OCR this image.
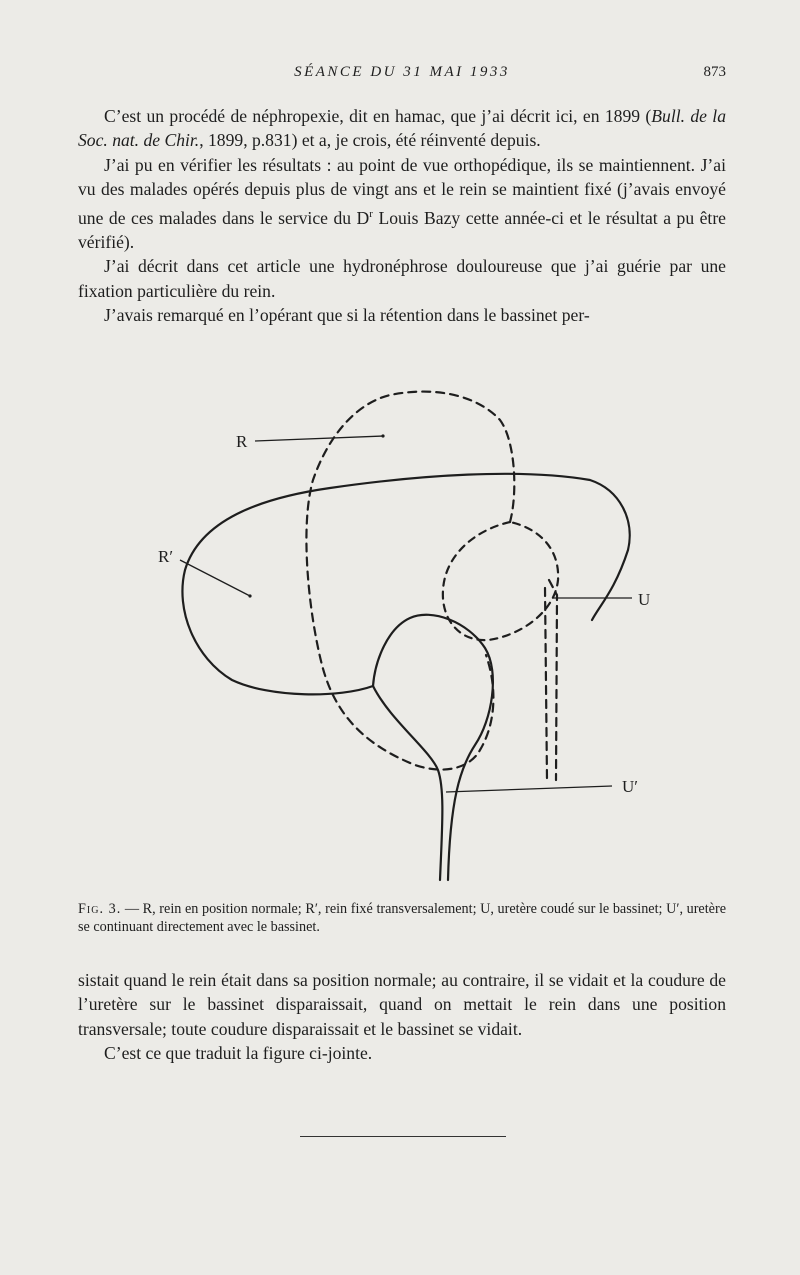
SÉANCE DU 31 MAI 1933	873

C’est un procédé de néphropexie, dit en hamac, que j’ai décrit ici, en 1899 (Bull. de la Soc. nat. de Chir., 1899, p.831) et a, je crois, été réinventé depuis.

J’ai pu en vérifier les résultats : au point de vue orthopédique, ils se maintiennent. J’ai vu des malades opérés depuis plus de vingt ans et le rein se maintient fixé (j’avais envoyé une de ces malades dans le service du $D^r$ Louis Bazy cette année-ci et le résultat a pu être vérifié).

J’ai décrit dans cet article une hydronéphrose douloureuse que j’ai guérie par une fixation particulière du rein.

J’avais remarqué en l’opérant que si la rétention dans le bassinet per-

R
R′
U
U′
Fig. 3. — R, rein en position normale; R′, rein fixé transversalement; U, uretère coudé sur le bassinet; U′, uretère se continuant directement avec le bassinet.

sistait quand le rein était dans sa position normale; au contraire, il se vidait et la coudure de l’uretère sur le bassinet disparaissait, quand on mettait le rein dans une position transversale; toute coudure disparaissait et le bassinet se vidait.

C’est ce que traduit la figure ci-jointe.
